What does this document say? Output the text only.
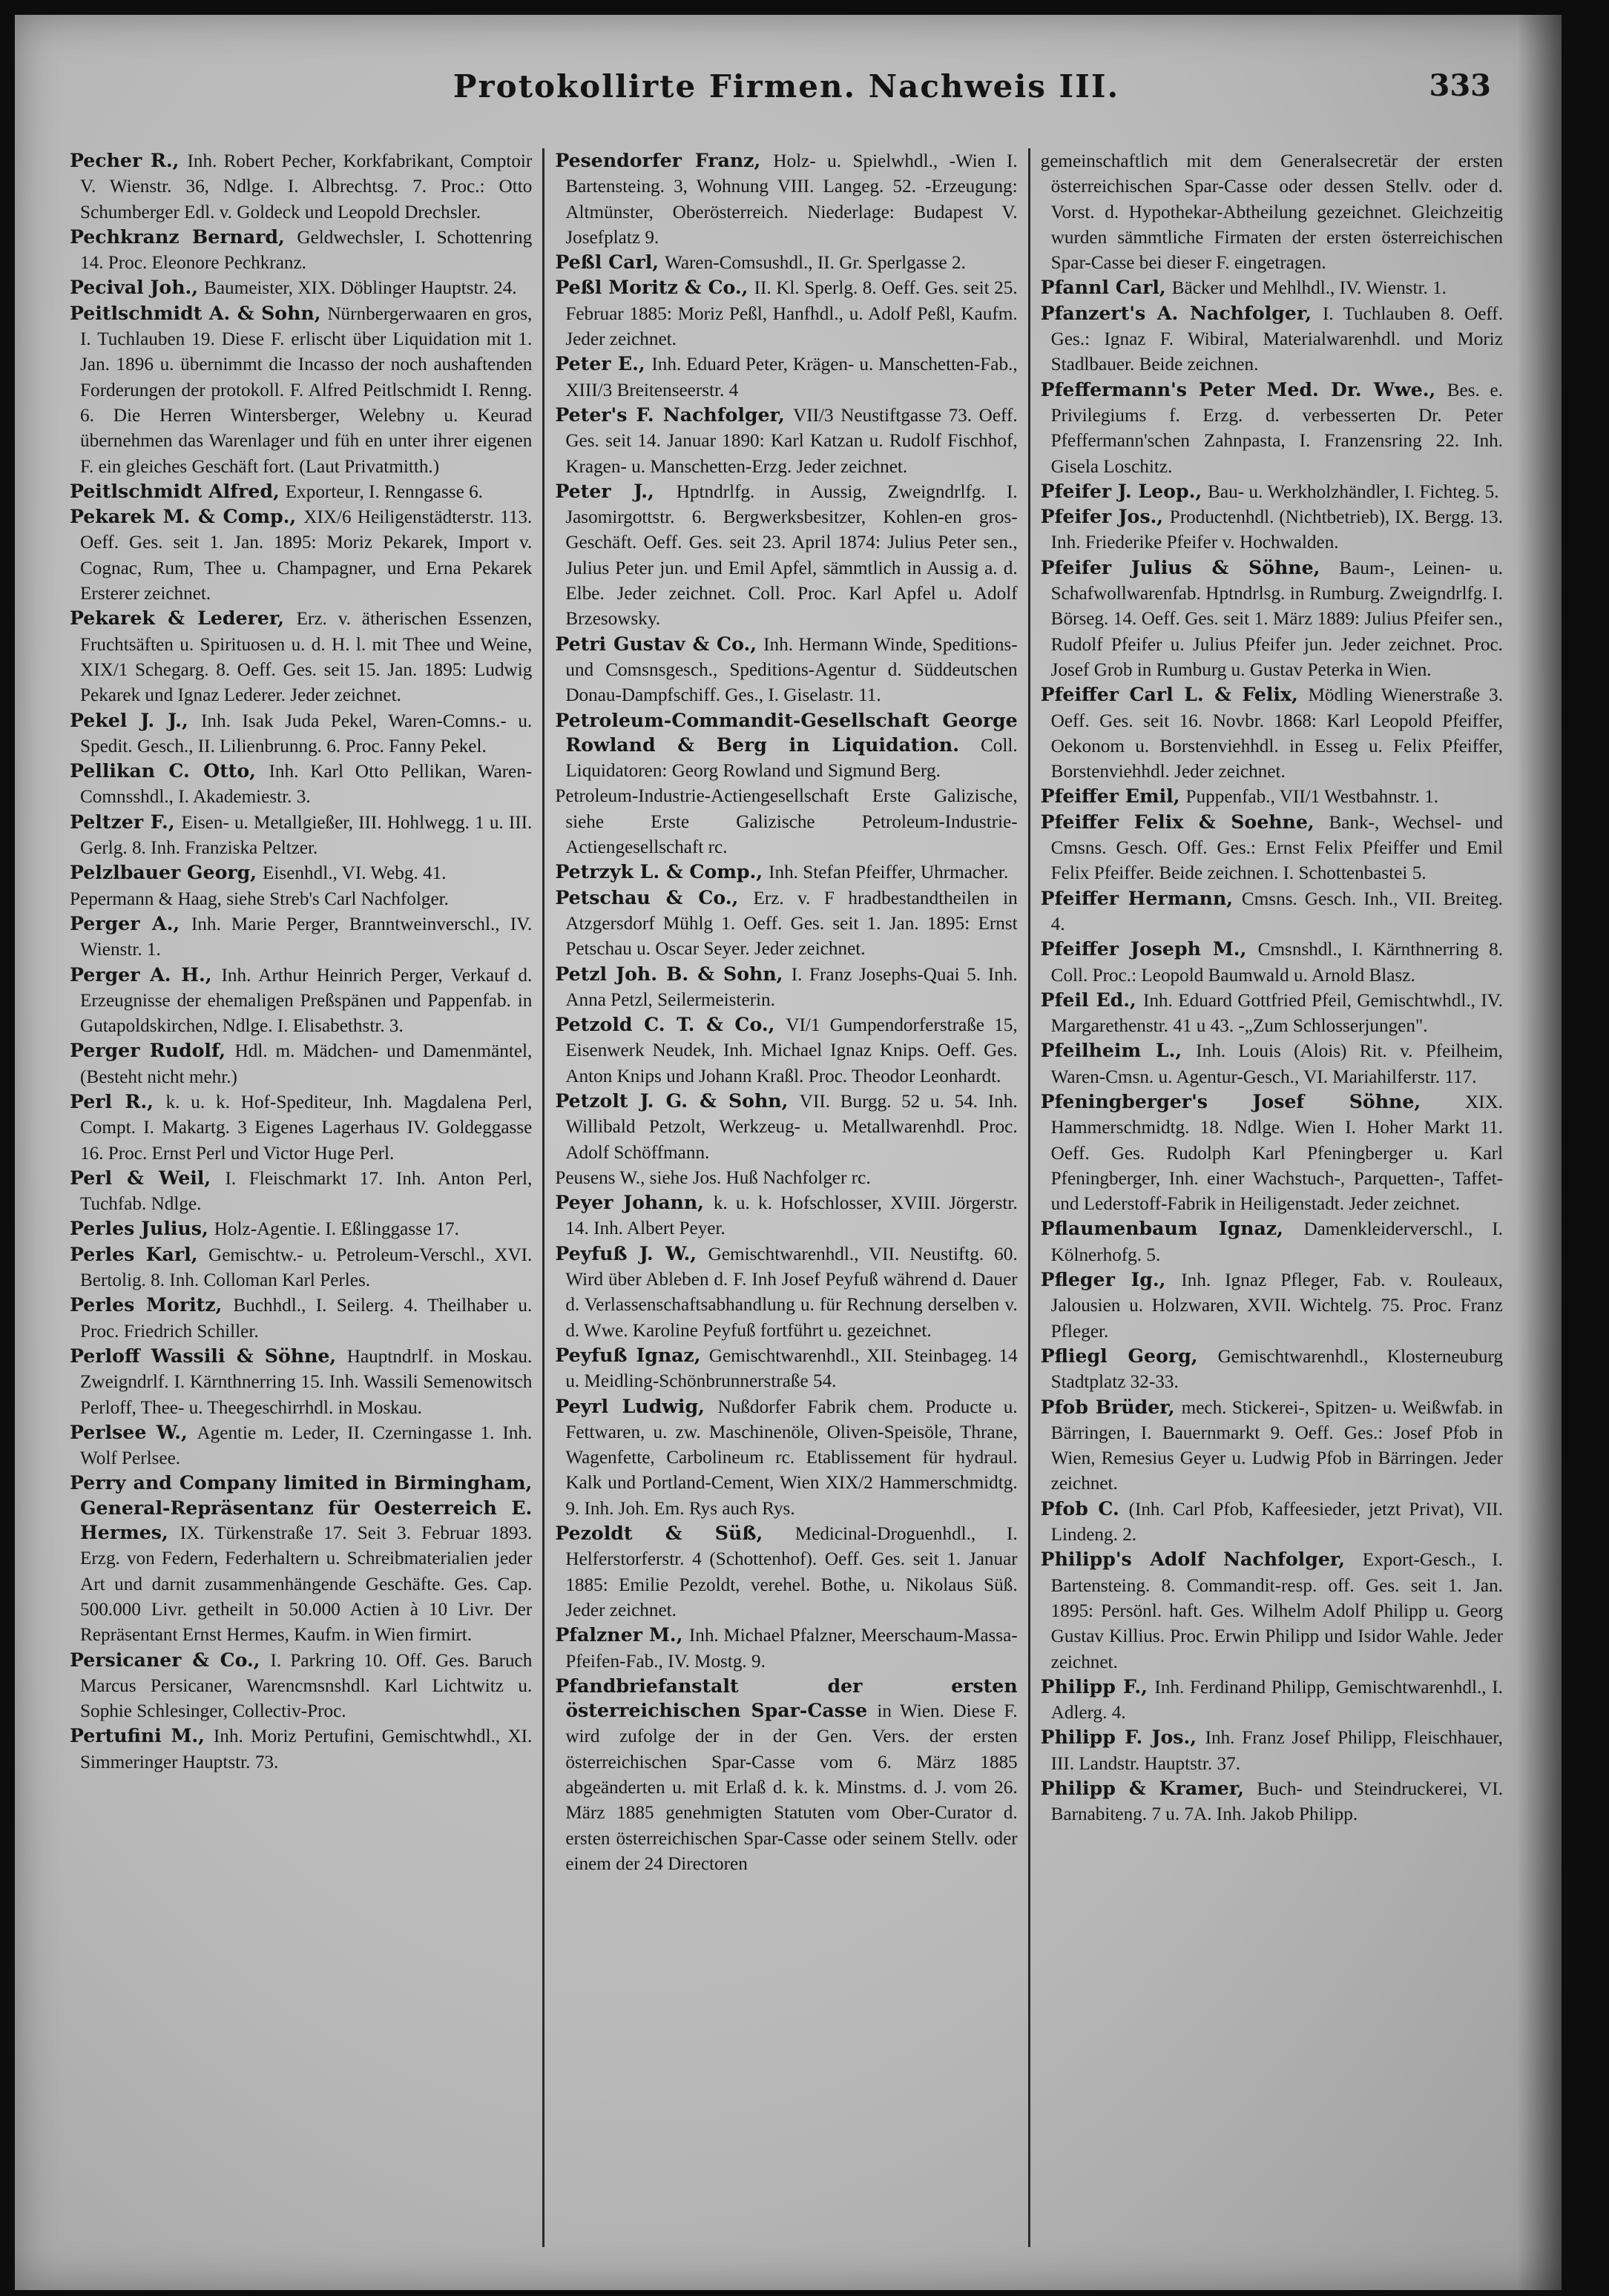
Protokollirte Firmen. Nachweis III.	333

Pecher R., Inh. Robert Pecher, Korkfabrikant, Comptoir V. Wienstr. 36, Ndlge. I. Albrechtsg. 7. Proc.: Otto Schumberger Edl. v. Goldeck und Leopold Drechsler.

Pechkranz Bernard, Geldwechsler, I. Schottenring 14. Proc. Eleonore Pechkranz.

Pecival Joh., Baumeister, XIX. Döblinger Hauptstr. 24.

Peitlschmidt A. & Sohn, Nürnbergerwaaren en gros, I. Tuchlauben 19. Diese F. erlischt über Liquidation mit 1. Jan. 1896 u. übernimmt die Incasso der noch aushaftenden Forderungen der protokoll. F. Alfred Peitlschmidt I. Renng. 6. Die Herren Wintersberger, Welebny u. Keurad übernehmen das Warenlager und füh en unter ihrer eigenen F. ein gleiches Geschäft fort. (Laut Privatmitth.)

Peitlschmidt Alfred, Exporteur, I. Renngasse 6.

Pekarek M. & Comp., XIX/6 Heiligenstädterstr. 113. Oeff. Ges. seit 1. Jan. 1895: Moriz Pekarek, Import v. Cognac, Rum, Thee u. Champagner, und Erna Pekarek Ersterer zeichnet.

Pekarek & Lederer, Erz. v. ätherischen Essenzen, Fruchtsäften u. Spirituosen u. d. H. l. mit Thee und Weine, XIX/1 Schegarg. 8. Oeff. Ges. seit 15. Jan. 1895: Ludwig Pekarek und Ignaz Lederer. Jeder zeichnet.

Pekel J. J., Inh. Isak Juda Pekel, Waren-Comns.- u. Spedit. Gesch., II. Lilienbrunng. 6. Proc. Fanny Pekel.

Pellikan C. Otto, Inh. Karl Otto Pellikan, Waren-Comnsshdl., I. Akademiestr. 3.

Peltzer F., Eisen- u. Metallgießer, III. Hohlwegg. 1 u. III. Gerlg. 8. Inh. Franziska Peltzer.

Pelzlbauer Georg, Eisenhdl., VI. Webg. 41.

Pepermann & Haag, siehe Streb's Carl Nachfolger.

Perger A., Inh. Marie Perger, Branntweinverschl., IV. Wienstr. 1.

Perger A. H., Inh. Arthur Heinrich Perger, Verkauf d. Erzeugnisse der ehemaligen Preßspänen und Pappenfab. in Gutapoldskirchen, Ndlge. I. Elisabethstr. 3.

Perger Rudolf, Hdl. m. Mädchen- und Damenmäntel, (Besteht nicht mehr.)

Perl R., k. u. k. Hof-Spediteur, Inh. Magdalena Perl, Compt. I. Makartg. 3 Eigenes Lagerhaus IV. Goldeggasse 16. Proc. Ernst Perl und Victor Huge Perl.

Perl & Weil, I. Fleischmarkt 17. Inh. Anton Perl, Tuchfab. Ndlge.

Perles Julius, Holz-Agentie. I. Eßlinggasse 17.

Perles Karl, Gemischtw.- u. Petroleum-Verschl., XVI. Bertolig. 8. Inh. Colloman Karl Perles.

Perles Moritz, Buchhdl., I. Seilerg. 4. Theilhaber u. Proc. Friedrich Schiller.

Perloff Wassili & Söhne, Hauptndrlf. in Moskau. Zweigndrlf. I. Kärnthnerring 15. Inh. Wassili Semenowitsch Perloff, Thee- u. Theegeschirrhdl. in Moskau.

Perlsee W., Agentie m. Leder, II. Czerningasse 1. Inh. Wolf Perlsee.

Perry and Company limited in Birmingham, General-Repräsentanz für Oesterreich E. Hermes, IX. Türkenstraße 17. Seit 3. Februar 1893. Erzg. von Federn, Federhaltern u. Schreibmaterialien jeder Art und darnit zusammenhängende Geschäfte. Ges. Cap. 500.000 Livr. getheilt in 50.000 Actien à 10 Livr. Der Repräsentant Ernst Hermes, Kaufm. in Wien firmirt.

Persicaner & Co., I. Parkring 10. Off. Ges. Baruch Marcus Persicaner, Warencmsnshdl. Karl Lichtwitz u. Sophie Schlesinger, Collectiv-Proc.

Pertufini M., Inh. Moriz Pertufini, Gemischtwhdl., XI. Simmeringer Hauptstr. 73.

Pesendorfer Franz, Holz- u. Spielwhdl., -Wien I. Bartensteing. 3, Wohnung VIII. Langeg. 52. -Erzeugung: Altmünster, Oberösterreich. Niederlage: Budapest V. Josefplatz 9.

Peßl Carl, Waren-Comsushdl., II. Gr. Sperlgasse 2.

Peßl Moritz & Co., II. Kl. Sperlg. 8. Oeff. Ges. seit 25. Februar 1885: Moriz Peßl, Hanfhdl., u. Adolf Peßl, Kaufm. Jeder zeichnet.

Peter E., Inh. Eduard Peter, Krägen- u. Manschetten-Fab., XIII/3 Breitenseerstr. 4

Peter's F. Nachfolger, VII/3 Neustiftgasse 73. Oeff. Ges. seit 14. Januar 1890: Karl Katzan u. Rudolf Fischhof, Kragen- u. Manschetten-Erzg. Jeder zeichnet.

Peter J., Hptndrlfg. in Aussig, Zweigndrlfg. I. Jasomirgottstr. 6. Bergwerksbesitzer, Kohlen-en gros-Geschäft. Oeff. Ges. seit 23. April 1874: Julius Peter sen., Julius Peter jun. und Emil Apfel, sämmtlich in Aussig a. d. Elbe. Jeder zeichnet. Coll. Proc. Karl Apfel u. Adolf Brzesowsky.

Petri Gustav & Co., Inh. Hermann Winde, Speditions- und Comsnsgesch., Speditions-Agentur d. Süddeutschen Donau-Dampfschiff. Ges., I. Giselastr. 11.

Petroleum-Commandit-Gesellschaft George Rowland & Berg in Liquidation. Coll. Liquidatoren: Georg Rowland und Sigmund Berg.

Petroleum-Industrie-Actiengesellschaft Erste Galizische, siehe Erste Galizische Petroleum-Industrie-Actiengesellschaft rc.

Petrzyk L. & Comp., Inh. Stefan Pfeiffer, Uhrmacher.

Petschau & Co., Erz. v. F hradbestandtheilen in Atzgersdorf Mühlg 1. Oeff. Ges. seit 1. Jan. 1895: Ernst Petschau u. Oscar Seyer. Jeder zeichnet.

Petzl Joh. B. & Sohn, I. Franz Josephs-Quai 5. Inh. Anna Petzl, Seilermeisterin.

Petzold C. T. & Co., VI/1 Gumpendorferstraße 15, Eisenwerk Neudek, Inh. Michael Ignaz Knips. Oeff. Ges. Anton Knips und Johann Kraßl. Proc. Theodor Leonhardt.

Petzolt J. G. & Sohn, VII. Burgg. 52 u. 54. Inh. Willibald Petzolt, Werkzeug- u. Metallwarenhdl. Proc. Adolf Schöffmann.

Peusens W., siehe Jos. Huß Nachfolger rc.

Peyer Johann, k. u. k. Hofschlosser, XVIII. Jörgerstr. 14. Inh. Albert Peyer.

Peyfuß J. W., Gemischtwarenhdl., VII. Neustiftg. 60. Wird über Ableben d. F. Inh Josef Peyfuß während d. Dauer d. Verlassenschaftsabhandlung u. für Rechnung derselben v. d. Wwe. Karoline Peyfuß fortführt u. gezeichnet.

Peyfuß Ignaz, Gemischtwarenhdl., XII. Steinbageg. 14 u. Meidling-Schönbrunnerstraße 54.

Peyrl Ludwig, Nußdorfer Fabrik chem. Producte u. Fettwaren, u. zw. Maschinenöle, Oliven-Speisöle, Thrane, Wagenfette, Carbolineum rc. Etablissement für hydraul. Kalk und Portland-Cement, Wien XIX/2 Hammerschmidtg. 9. Inh. Joh. Em. Rys auch Rys.

Pezoldt & Süß, Medicinal-Droguenhdl., I. Helferstorferstr. 4 (Schottenhof). Oeff. Ges. seit 1. Januar 1885: Emilie Pezoldt, verehel. Bothe, u. Nikolaus Süß. Jeder zeichnet.

Pfalzner M., Inh. Michael Pfalzner, Meerschaum-Massa-Pfeifen-Fab., IV. Mostg. 9.

Pfandbriefanstalt der ersten österreichischen Spar-Casse in Wien. Diese F. wird zufolge der in der Gen. Vers. der ersten österreichischen Spar-Casse vom 6. März 1885 abgeänderten u. mit Erlaß d. k. k. Minstms. d. J. vom 26. März 1885 genehmigten Statuten vom Ober-Curator d. ersten österreichischen Spar-Casse oder seinem Stellv. oder einem der 24 Directoren

gemeinschaftlich mit dem Generalsecretär der ersten österreichischen Spar-Casse oder dessen Stellv. oder d. Vorst. d. Hypothekar-Abtheilung gezeichnet. Gleichzeitig wurden sämmtliche Firmaten der ersten österreichischen Spar-Casse bei dieser F. eingetragen.

Pfannl Carl, Bäcker und Mehlhdl., IV. Wienstr. 1.

Pfanzert's A. Nachfolger, I. Tuchlauben 8. Oeff. Ges.: Ignaz F. Wibiral, Materialwarenhdl. und Moriz Stadlbauer. Beide zeichnen.

Pfeffermann's Peter Med. Dr. Wwe., Bes. e. Privilegiums f. Erzg. d. verbesserten Dr. Peter Pfeffermann'schen Zahnpasta, I. Franzensring 22. Inh. Gisela Loschitz.

Pfeifer J. Leop., Bau- u. Werkholzhändler, I. Fichteg. 5.

Pfeifer Jos., Productenhdl. (Nichtbetrieb), IX. Bergg. 13. Inh. Friederike Pfeifer v. Hochwalden.

Pfeifer Julius & Söhne, Baum-, Leinen- u. Schafwollwarenfab. Hptndrlsg. in Rumburg. Zweigndrlfg. I. Börseg. 14. Oeff. Ges. seit 1. März 1889: Julius Pfeifer sen., Rudolf Pfeifer u. Julius Pfeifer jun. Jeder zeichnet. Proc. Josef Grob in Rumburg u. Gustav Peterka in Wien.

Pfeiffer Carl L. & Felix, Mödling Wienerstraße 3. Oeff. Ges. seit 16. Novbr. 1868: Karl Leopold Pfeiffer, Oekonom u. Borstenviehhdl. in Esseg u. Felix Pfeiffer, Borstenviehhdl. Jeder zeichnet.

Pfeiffer Emil, Puppenfab., VII/1 Westbahnstr. 1.

Pfeiffer Felix & Soehne, Bank-, Wechsel- und Cmsns. Gesch. Off. Ges.: Ernst Felix Pfeiffer und Emil Felix Pfeiffer. Beide zeichnen. I. Schottenbastei 5.

Pfeiffer Hermann, Cmsns. Gesch. Inh., VII. Breiteg. 4.

Pfeiffer Joseph M., Cmsnshdl., I. Kärnthnerring 8. Coll. Proc.: Leopold Baumwald u. Arnold Blasz.

Pfeil Ed., Inh. Eduard Gottfried Pfeil, Gemischtwhdl., IV. Margarethenstr. 41 u 43. -„Zum Schlosserjungen".

Pfeilheim L., Inh. Louis (Alois) Rit. v. Pfeilheim, Waren-Cmsn. u. Agentur-Gesch., VI. Mariahilferstr. 117.

Pfeningberger's Josef Söhne, XIX. Hammerschmidtg. 18. Ndlge. Wien I. Hoher Markt 11. Oeff. Ges. Rudolph Karl Pfeningberger u. Karl Pfeningberger, Inh. einer Wachstuch-, Parquetten-, Taffet- und Lederstoff-Fabrik in Heiligenstadt. Jeder zeichnet.

Pflaumenbaum Ignaz, Damenkleiderverschl., I. Kölnerhofg. 5.

Pfleger Ig., Inh. Ignaz Pfleger, Fab. v. Rouleaux, Jalousien u. Holzwaren, XVII. Wichtelg. 75. Proc. Franz Pfleger.

Pfliegl Georg, Gemischtwarenhdl., Klosterneuburg Stadtplatz 32-33.

Pfob Brüder, mech. Stickerei-, Spitzen- u. Weißwfab. in Bärringen, I. Bauernmarkt 9. Oeff. Ges.: Josef Pfob in Wien, Remesius Geyer u. Ludwig Pfob in Bärringen. Jeder zeichnet.

Pfob C. (Inh. Carl Pfob, Kaffeesieder, jetzt Privat), VII. Lindeng. 2.

Philipp's Adolf Nachfolger, Export-Gesch., I. Bartensteing. 8. Commandit-resp. off. Ges. seit 1. Jan. 1895: Persönl. haft. Ges. Wilhelm Adolf Philipp u. Georg Gustav Killius. Proc. Erwin Philipp und Isidor Wahle. Jeder zeichnet.

Philipp F., Inh. Ferdinand Philipp, Gemischtwarenhdl., I. Adlerg. 4.

Philipp F. Jos., Inh. Franz Josef Philipp, Fleischhauer, III. Landstr. Hauptstr. 37.

Philipp & Kramer, Buch- und Steindruckerei, VI. Barnabiteng. 7 u. 7A. Inh. Jakob Philipp.
